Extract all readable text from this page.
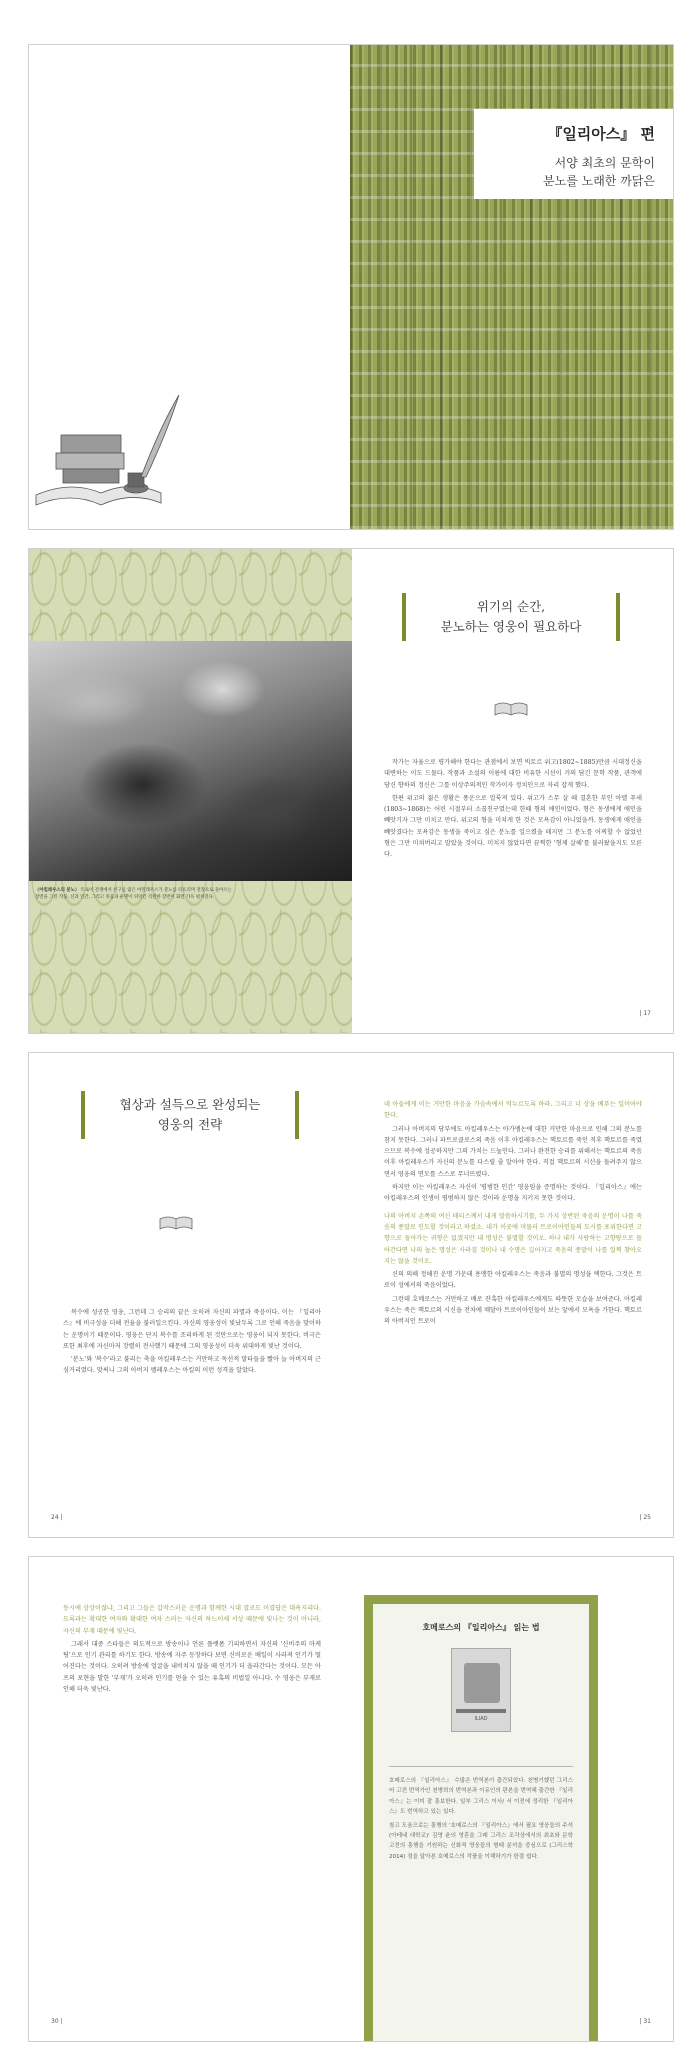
『일리아스』 편
서양 최초의 문학이
분노를 노래한 까닭은
〈아킬레우스의 분노〉 트로이 전쟁에서 친구를 잃은 아킬레우스가 분노를 터뜨리며 전장으로 돌아오는 장면을 그린 작품. 신과 인간, 그리고 죽음과 운명이 뒤엉킨 격렬한 장면이 화면 가득 펼쳐진다.
위기의 순간,
분노하는 영웅이 필요하다

작가는 자율으로 평가해야 한다는 관점에서 보면 빅토르 위고(1802~1885)만큼 시대정신을 대변하는 이도 드물다. 작품과 소설의 이름에 대한 비유한 시선이 거의 담긴 문학 작품, 관객에 당신 향하의 정신은 그를 이상주의적인 작가이자 정치인으로 자리 잡게 했다.

한편 위고의 젊은 생활은 풍운으로 얼룩져 있다. 위고가 스무 살 때 결혼한 부인 아멜 푸세(1803~1868)는 어린 시절부터 소꿉친구였는데 한때 형의 애인이었다. 형은 동생에게 애인을 빼앗기자 그만 미치고 만다. 위고의 형을 미치게 한 것은 모욕감이 아니었을까. 동생에게 애인을 빼앗겼다는 모욕감은 동생을 죽이고 싶은 분노를 일으켰을 테지만 그 분노를 어찌할 수 없었던 형은 그만 미쳐버리고 말았을 것이다. 미치지 않았다면 끔찍한 '형제 살해'를 불러왔을지도 모른다.

| 17
협상과 설득으로 완성되는
영웅의 전략

복수에 성공한 영웅, 그런데 그 승리의 끝은 오히려 자신의 파멸과 죽음이다. 이는 『일리아스』에 비극성을 더해 전율을 불러일으킨다. 자신의 영웅성이 빛났두록 그로 인해 죽음을 맞이하는 운명이기 때문이다. 영웅은 단지 복수를 조리하게 된 것만으로는 영웅이 되지 못한다. 비극은 또한 최후에 자신마저 장렬히 전사했기 때문에 그의 영웅성이 더욱 위대하게 빛난 것이다.

'분노'와 '복수'라고 불리는 축을 아킬레우스는 거만하고 독선적 말타들을 빨아 늘 아버지의 근심거리였다. 맞써니 그의 아버지 펠레우스는 아킬의 이런 성격을 알았다.

24 |

네 아들에게 이는 거만한 마음을 가슴속에서 억누르도록 하라. 그리고 너 상을 베푸는 일이어야 한다.

그러나 아버지의 당부에도 아킬레우스는 아가멤논에 대한 거만한 마음으로 인해 그의 분노를 참지 못한다. 그러나 파트로클로스의 죽음 이후 아킬레우스는 핵토르를 죽인 직후 핵토르를 죽였으므로 복수에 성공하지만 그의 가치는 드높인다. 그러나 완전한 승리를 위해서는 핵토르의 죽음 이후 아킬레우스가 자신의 분노를 다스릴 줄 알아야 한다. 직접 핵토르의 시신을 돌려주지 않으면서 영웅의 면모를 스스로 무너뜨렸다.

하지만 이는 아킬레우스 자신이 '평범한 인간' 영웅임을 증명하는 것이다. 『일리아스』에는 아킬레우스의 인생이 평범하지 않은 것이라 운명을 지키지 못한 것이다.

나의 아버지 손쪽의 여신 테티스께서 내게 말씀하시기를, 두 가지 상반된 죽음의 운명이 나를 죽음의 종말로 인도할 것이라고 하셨소. 내가 이곳에 머물러 트로이아인들의 도시를 포위한다면 고향으로 돌아가는 귀향은 없겠지만 내 명성은 불멸할 것이오. 하나 내가 사랑하는 고향땅으로 돌아간다면 나의 높은 명성은 사라질 것이나 내 수명은 길어지고 죽음의 종말이 나를 일찍 찾아오지는 않을 것이오.

신의 의해 정해진 운명 가운데 용맹한 아킬레우스는 죽음과 불멸의 명성을 택한다. 그것은 트로이 성에서의 죽음이었다.

그런데 호메로스는 거만하고 배로 잔혹한 아킬레우스에게도 따뜻한 모습을 보여준다. 아킬레우스는 죽은 핵토르의 시신을 전차에 매달아 트로이아인들이 보는 앞에서 모욕을 가한다. 핵토르의 아버지인 트로이

| 25

동시에 상상이잖냐, 그리고 그들은 갑작스러운 운명과 함께한 시대 결코도 이겼답은 대욕지리다. 도록과는 확대한 여자와 확대한 여자 스러는 자신의 하느이새 서상 때문에 빛나는 것이 아니라, 자신의 부재 때문에 빛난다.

그래서 대중 스타들은 의도적으로 방송이나 언론 플랫폼 기피하면서 자신의 '신비주의 마케팅'으로 인기 관리를 하기도 한다. 방송에 자주 등장하다 보면 신비로운 베일이 사라져 인기가 떨어진다는 것이다. 오히려 방송에 얼굴을 내비치지 않을 때 인기가 더 올라간다는 것이다. 모든 아프의 포현을 발한 '부재'가 오히려 인기를 얻을 수 있는 유혹의 비법일 아니다. 수 영웅은 부재로 인해 더욱 빛난다.

30 |
호메로스의 『일리아스』 읽는 법
ILIAD

호메로스의 『일리아스』 수많은 번역본이 출간되었다. 천병기했던 그리스어 고전 번역가인 천병희의 번역본과 이유인의 판본을 번역해 출간한 『일리아스』는 이미 잘 흥보한다. 일부 그리스 이사/ 서 이전에 정리한 『일리아스』도 번역하고 있는 있다.

참고 도움으로는 흥행의 '호메로스의 『일리아스』에서 필요 영웅들의 주석(아테네 대학교)' 김영 윤의 영혼을 그래 그리스 조각상에서의 최초와 문학 고전의 흥행을 기원하는 신화적 영웅들의 형태 분석을 중심으로 (그리스학 2014) 점을 알아본 호메로스의 작품을 이해하기가 한결 쉽다.

| 31
